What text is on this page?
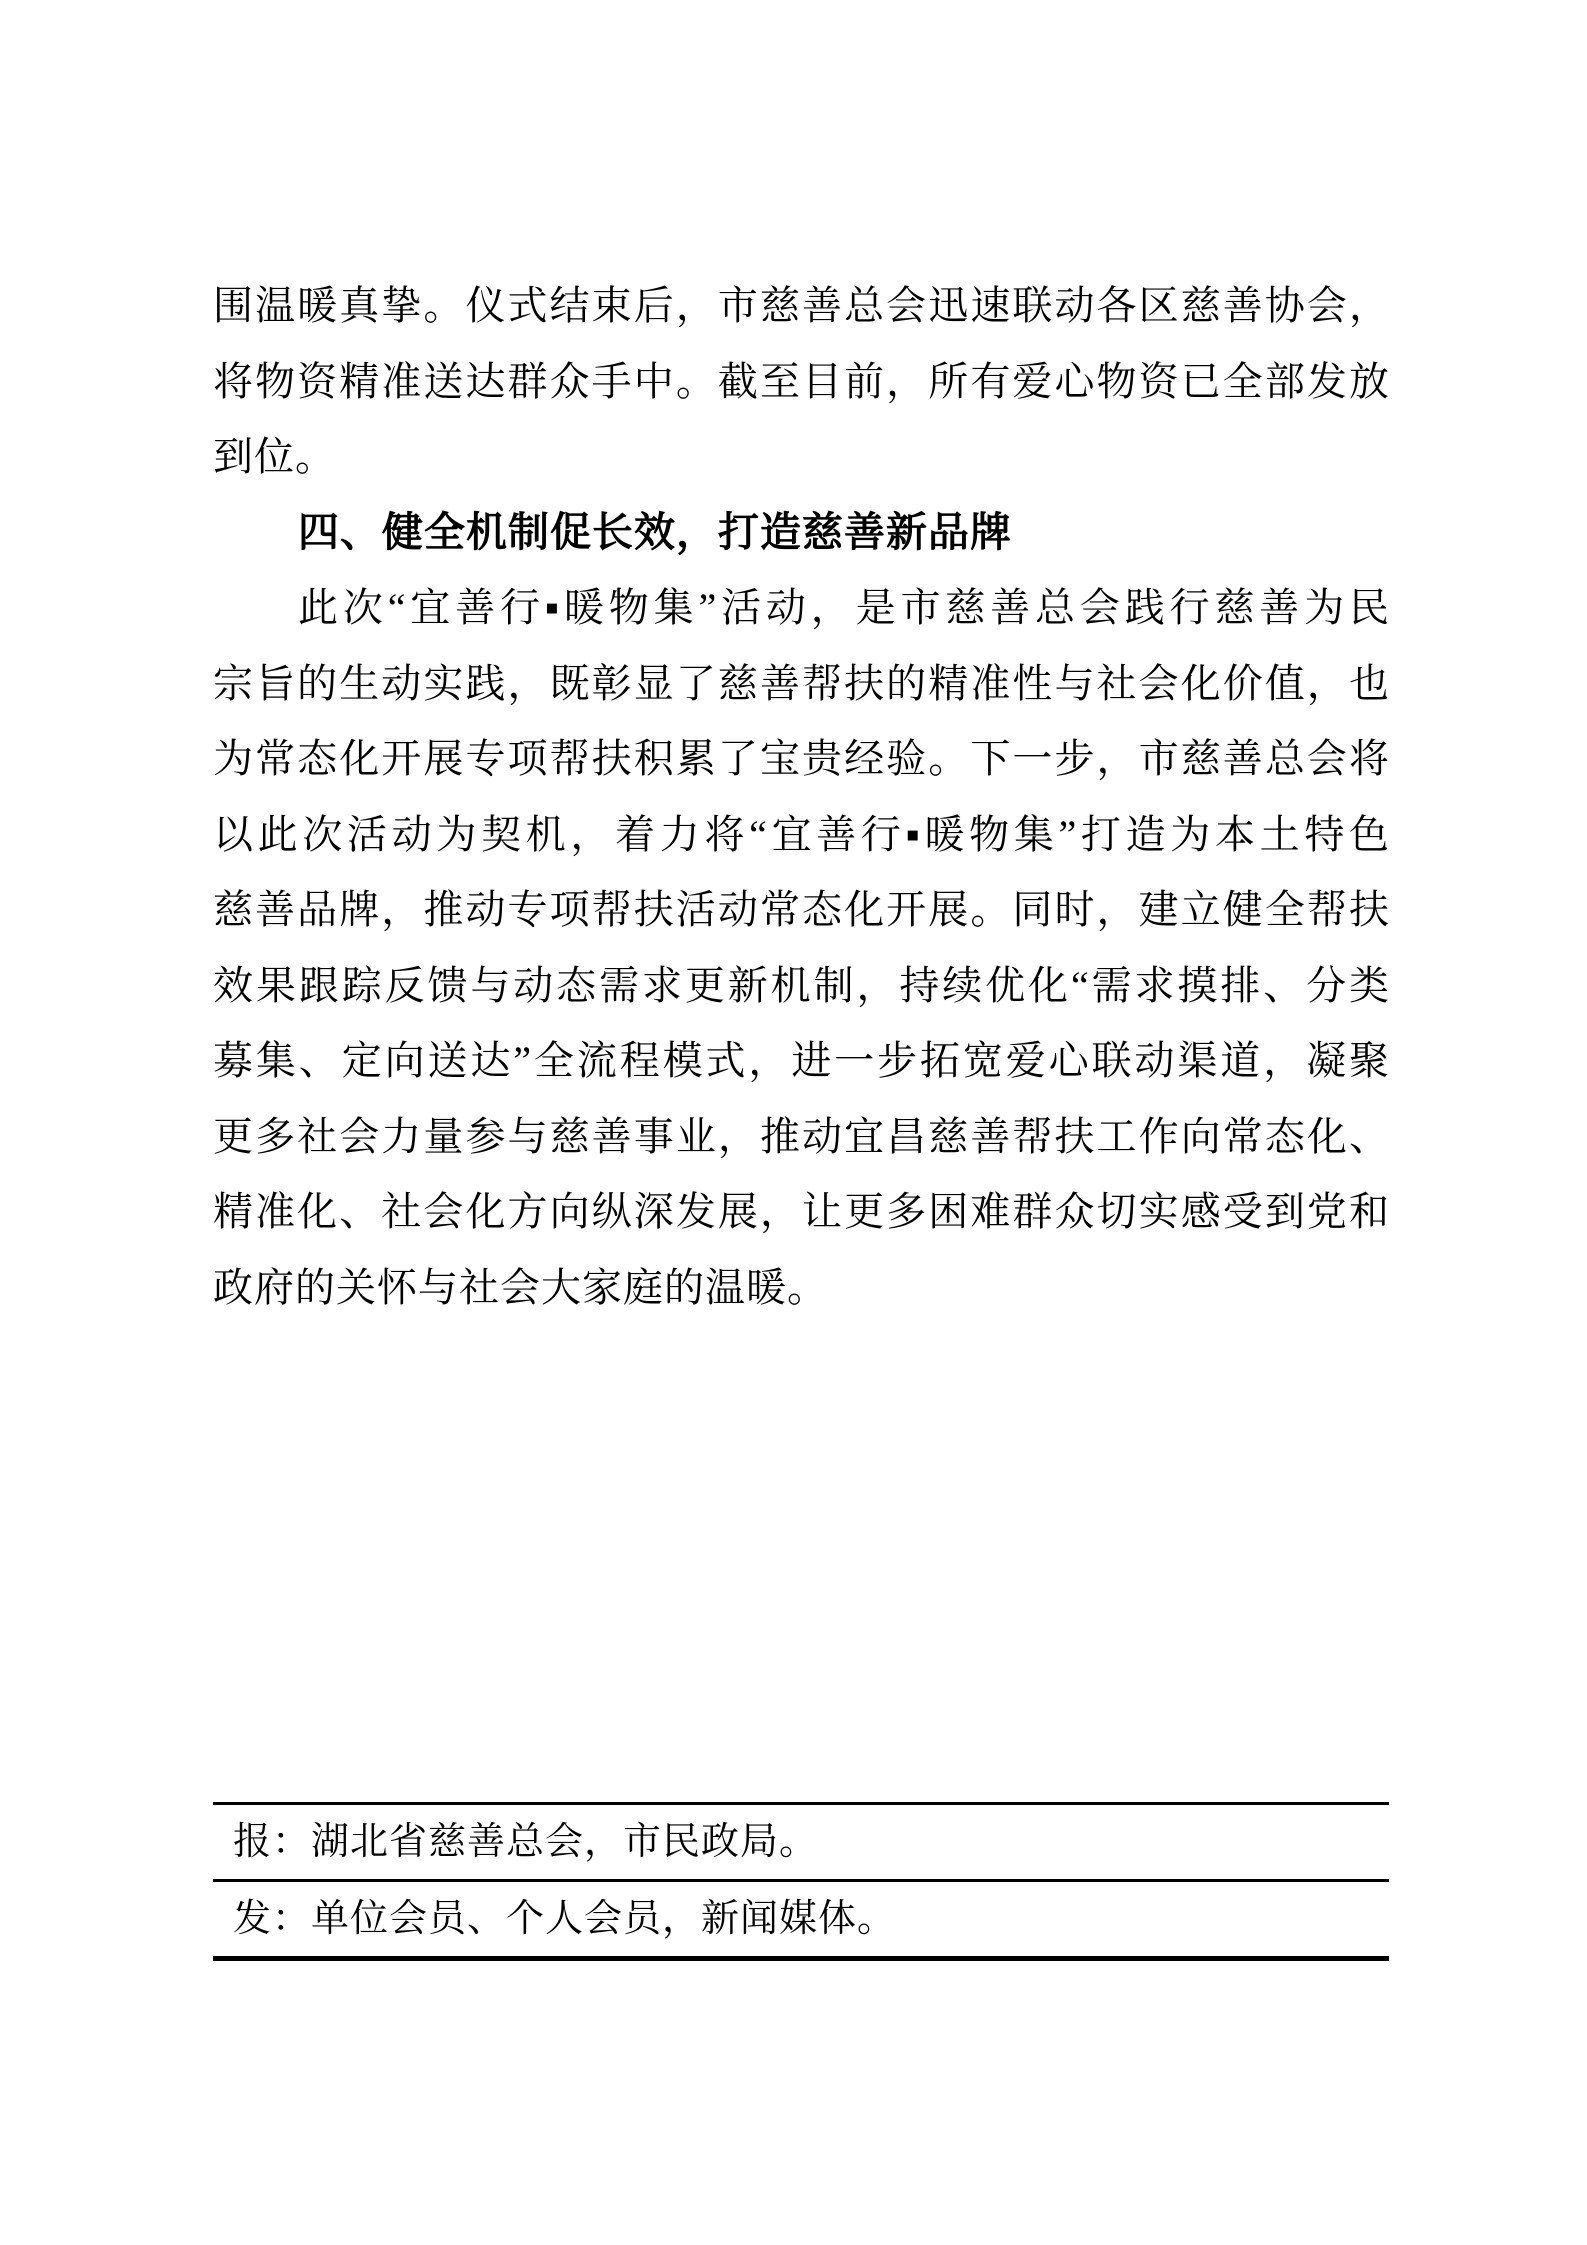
围温暖真挚。仪式结束后，市慈善总会迅速联动各区慈善协会，
将物资精准送达群众手中。截至目前，所有爱心物资已全部发放
到位。
四、健全机制促长效，打造慈善新品牌
此次“宜善行▪暖物集”活动，是市慈善总会践行慈善为民
宗旨的生动实践，既彰显了慈善帮扶的精准性与社会化价值，也
为常态化开展专项帮扶积累了宝贵经验。下一步，市慈善总会将
以此次活动为契机，着力将“宜善行▪暖物集”打造为本土特色
慈善品牌，推动专项帮扶活动常态化开展。同时，建立健全帮扶
效果跟踪反馈与动态需求更新机制，持续优化“需求摸排、分类
募集、定向送达”全流程模式，进一步拓宽爱心联动渠道，凝聚
更多社会力量参与慈善事业，推动宜昌慈善帮扶工作向常态化、
精准化、社会化方向纵深发展，让更多困难群众切实感受到党和
政府的关怀与社会大家庭的温暖。
报：湖北省慈善总会，市民政局。
发：单位会员、个人会员，新闻媒体。
